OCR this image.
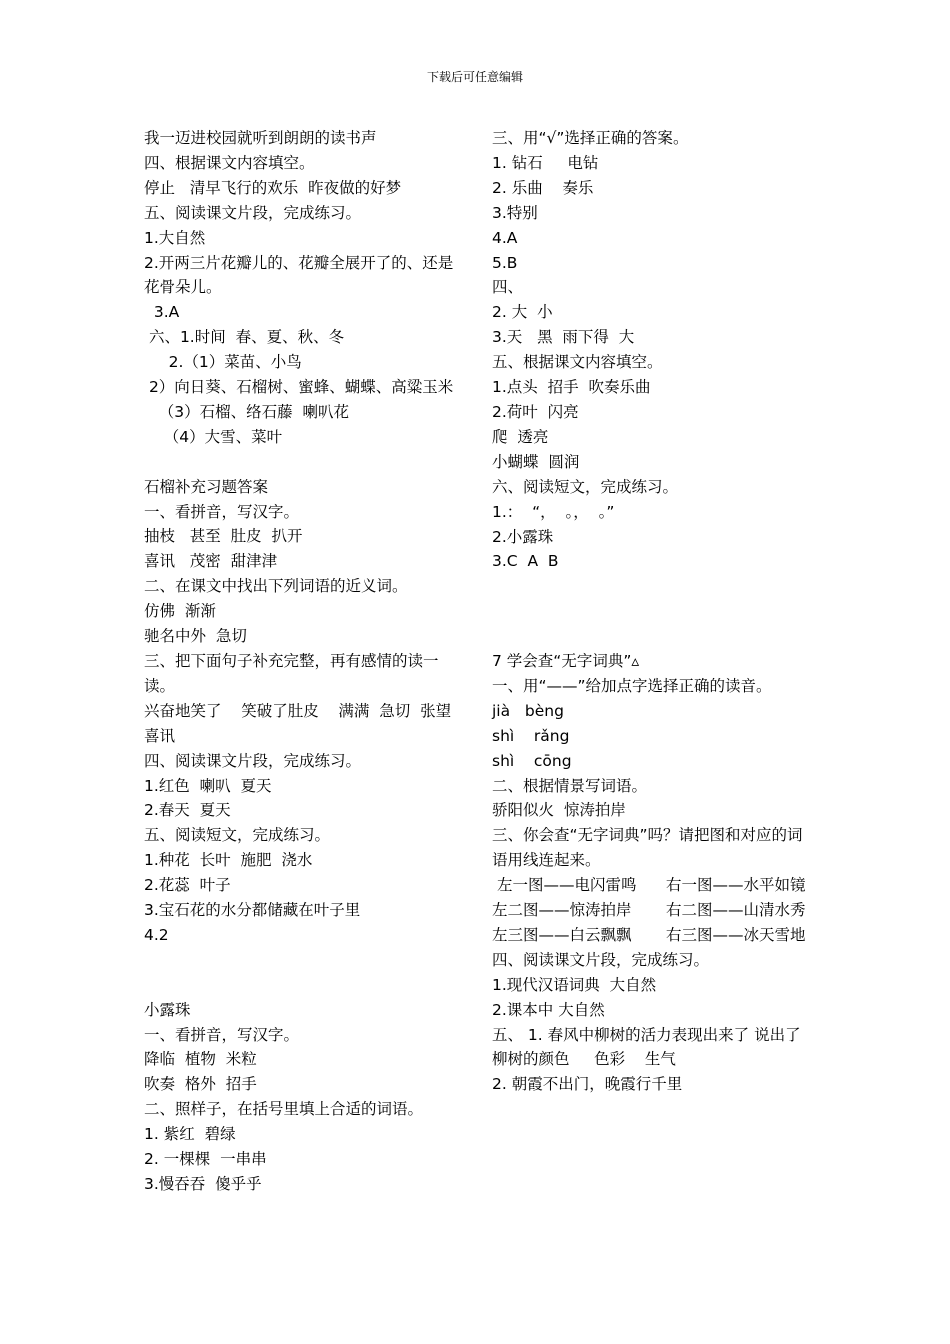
下载后可任意编辑
我一迈进校园就听到朗朗的读书声
四、根据课文内容填空。
停止   清早飞行的欢乐  昨夜做的好梦
五、阅读课文片段，完成练习。
1.大自然
2.开两三片花瓣儿的、花瓣全展开了的、还是花骨朵儿。
3.A
六、1.时间  春、夏、秋、冬
2.（1）菜苗、小鸟
2）向日葵、石榴树、蜜蜂、蝴蝶、高粱玉米
（3）石榴、络石藤  喇叭花
（4）大雪、菜叶
石榴补充习题答案
一、看拼音，写汉字。
抽枝   甚至  肚皮  扒开
喜讯   茂密  甜津津
二、在课文中找出下列词语的近义词。
仿佛  渐渐
驰名中外  急切
三、把下面句子补充完整，再有感情的读一读。
兴奋地笑了    笑破了肚皮    满满  急切  张望  喜讯
四、阅读课文片段，完成练习。
1.红色  喇叭  夏天
2.春天  夏天
五、阅读短文，完成练习。
1.种花  长叶  施肥  浇水
2.花蕊  叶子
3.宝石花的水分都储藏在叶子里
4.2
小露珠
一、看拼音，写汉字。
降临  植物  米粒
吹奏  格外  招手
二、照样子，在括号里填上合适的词语。
1. 紫红  碧绿
2. 一棵棵  一串串
3.慢吞吞  傻乎乎
三、用“√”选择正确的答案。
1. 钻石     电钻
2. 乐曲    奏乐
3.特别
4.A
5.B
四、
2. 大  小
3.天   黑  雨下得  大
五、根据课文内容填空。
1.点头  招手  吹奏乐曲
2.荷叶  闪亮
爬  透亮
小蝴蝶  圆润
六、阅读短文，完成练习。
1.：  “，  。，  。”
2.小露珠
3.C  A  B
7 学会查“无字词典”▵
一、用“——”给加点字选择正确的读音。
jià   bèng
shì    rǎng
shì    cōng
二、根据情景写词语。
骄阳似火  惊涛拍岸
三、你会查“无字词典”吗？请把图和对应的词语用线连起来。
左一图——电闪雷鸣      右一图——水平如镜
左二图——惊涛拍岸       右二图——山清水秀
左三图——白云飘飘       右三图——冰天雪地
四、阅读课文片段，完成练习。
1.现代汉语词典  大自然
2.课本中 大自然
五、 1. 春风中柳树的活力表现出来了 说出了柳树的颜色     色彩    生气
2. 朝霞不出门，晚霞行千里
